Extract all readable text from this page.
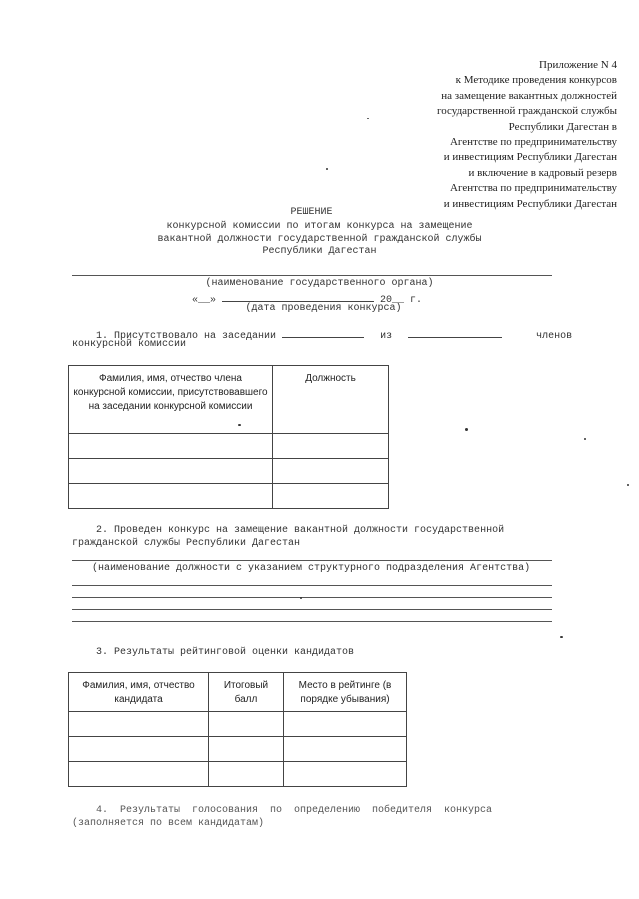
Приложение N 4
к Методике проведения конкурсов
на замещение вакантных должностей
государственной гражданской службы
Республики Дагестан в
Агентстве по предпринимательству
и инвестициям Республики Дагестан
и включение в кадровый резерв
Агентства по предпринимательству
и инвестициям Республики Дагестан
РЕШЕНИЕ
конкурсной комиссии по итогам конкурса на замещение
вакантной должности государственной гражданской службы
Республики Дагестан
(наименование государственного органа)
«__»	20__ г.
(дата проведения конкурса)
1. Присутствовало на заседании	из	членов
конкурсной комиссии
Фамилия, имя, отчество члена конкурсной комиссии, присутствовавшего на заседании конкурсной комиссии	Должность

2. Проведен конкурс на замещение вакантной должности государственной
гражданской службы Республики Дагестан
(наименование должности с указанием структурного подразделения Агентства)
3. Результаты рейтинговой оценки кандидатов
Фамилия, имя, отчество кандидата	Итоговый балл	Место в рейтинге (в порядке убывания)

4. Результаты голосования по определению победителя конкурса
(заполняется по всем кандидатам)
